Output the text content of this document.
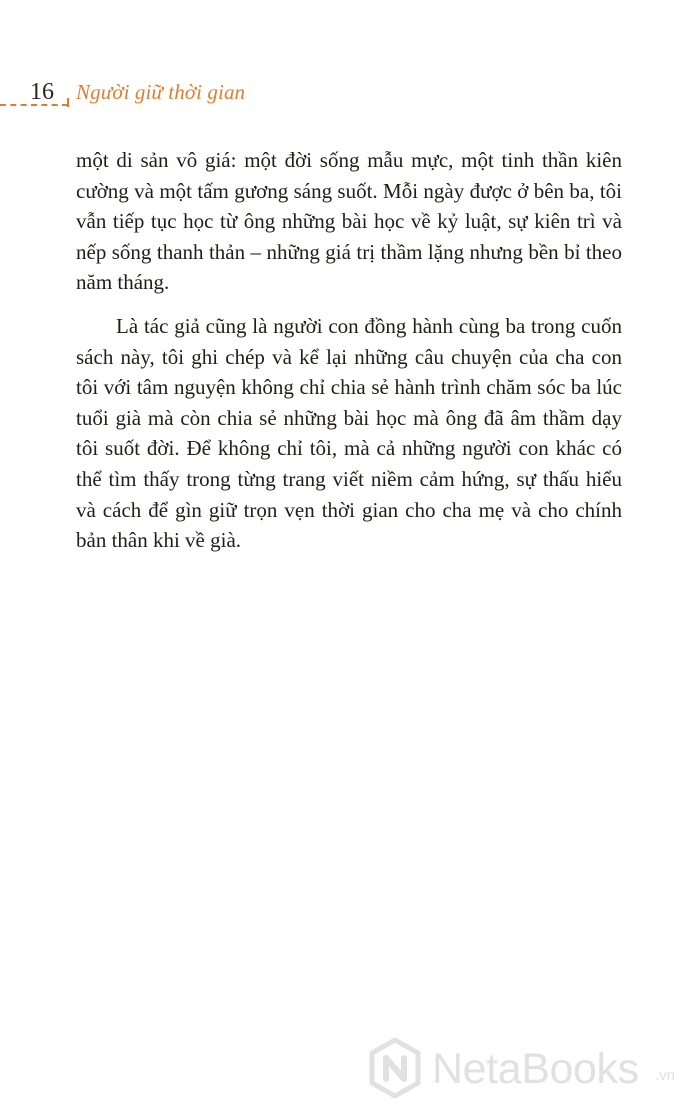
16 Người giữ thời gian

một di sản vô giá: một đời sống mẫu mực, một tinh thần kiên cường và một tấm gương sáng suốt. Mỗi ngày được ở bên ba, tôi vẫn tiếp tục học từ ông những bài học về kỷ luật, sự kiên trì và nếp sống thanh thản – những giá trị thầm lặng nhưng bền bỉ theo năm tháng.

Là tác giả cũng là người con đồng hành cùng ba trong cuốn sách này, tôi ghi chép và kể lại những câu chuyện của cha con tôi với tâm nguyện không chỉ chia sẻ hành trình chăm sóc ba lúc tuổi già mà còn chia sẻ những bài học mà ông đã âm thầm dạy tôi suốt đời. Để không chỉ tôi, mà cả những người con khác có thể tìm thấy trong từng trang viết niềm cảm hứng, sự thấu hiểu và cách để gìn giữ trọn vẹn thời gian cho cha mẹ và cho chính bản thân khi về già.

NetaBooks .vn
